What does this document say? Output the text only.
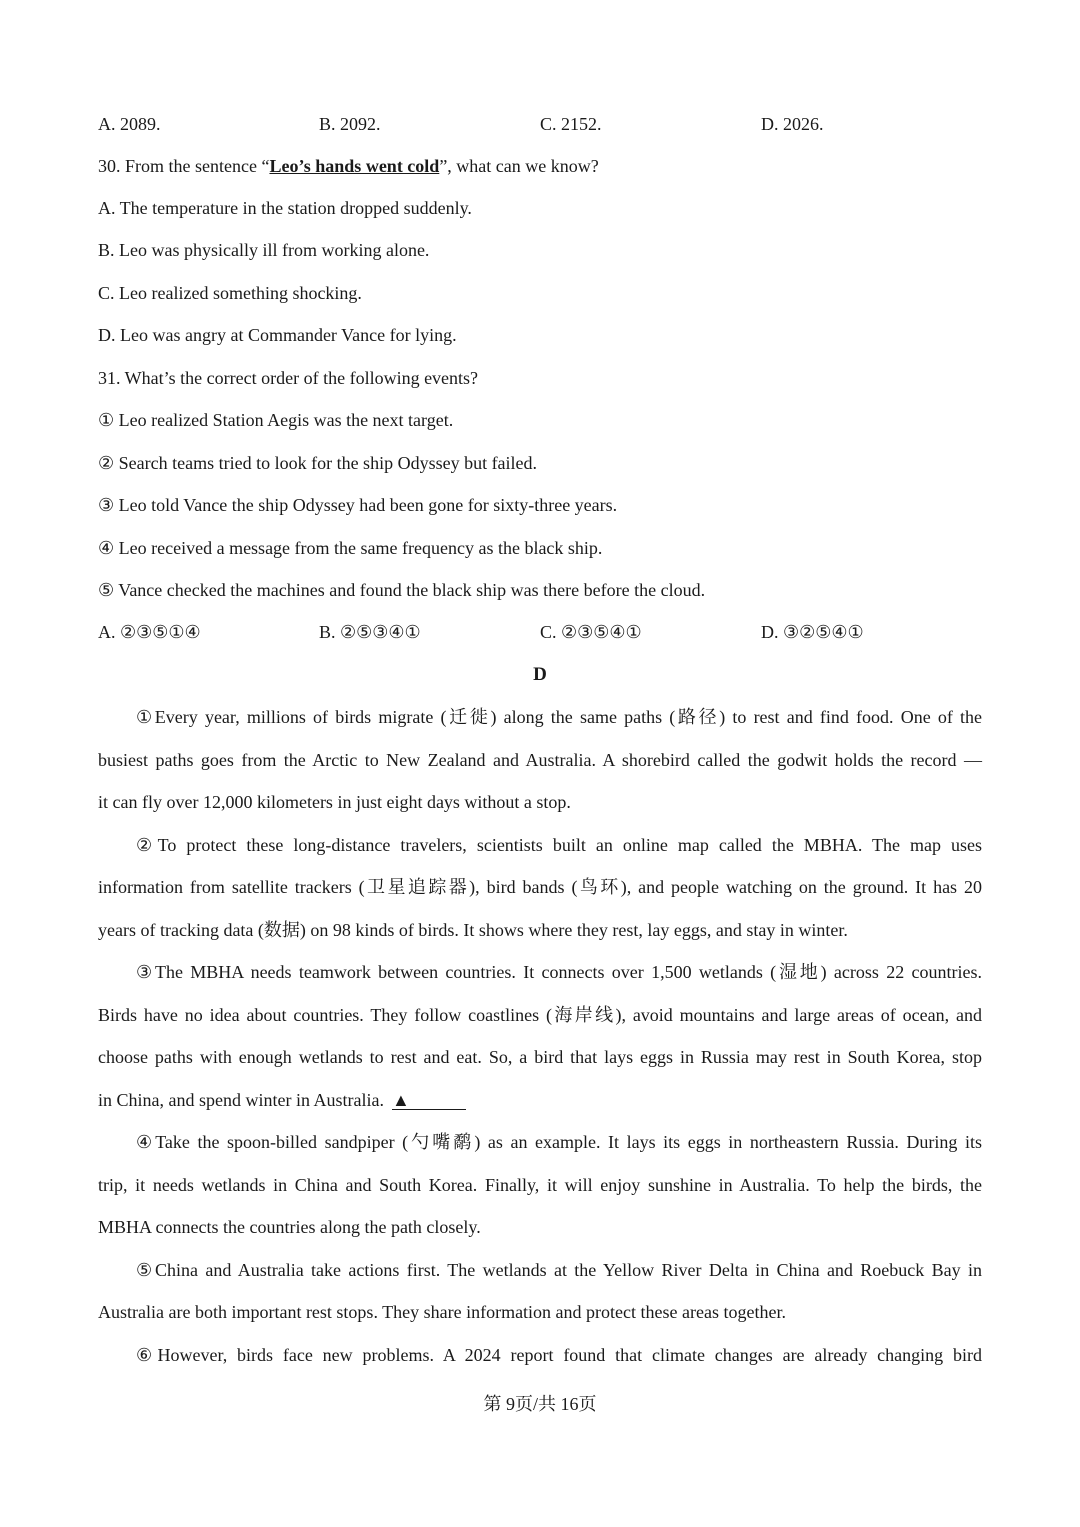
A. 2089.	B. 2092.	C. 2152.	D. 2026.
30. From the sentence “Leo’s hands went cold”, what can we know?
A. The temperature in the station dropped suddenly.
B. Leo was physically ill from working alone.
C. Leo realized something shocking.
D. Leo was angry at Commander Vance for lying.
31. What’s the correct order of the following events?
① Leo realized Station Aegis was the next target.
② Search teams tried to look for the ship Odyssey but failed.
③ Leo told Vance the ship Odyssey had been gone for sixty-three years.
④ Leo received a message from the same frequency as the black ship.
⑤ Vance checked the machines and found the black ship was there before the cloud.
A. ②③⑤①④	B. ②⑤③④①	C. ②③⑤④①	D. ③②⑤④①
D
①Every year, millions of birds migrate (迁徙) along the same paths (路径) to rest and find food. One of the
busiest paths goes from the Arctic to New Zealand and Australia. A shorebird called the godwit holds the record —
it can fly over 12,000 kilometers in just eight days without a stop.
②To protect these long-distance travelers, scientists built an online map called the MBHA. The map uses
information from satellite trackers (卫星追踪器), bird bands (鸟环), and people watching on the ground. It has 20
years of tracking data (数据) on 98 kinds of birds. It shows where they rest, lay eggs, and stay in winter.
③The MBHA needs teamwork between countries. It connects over 1,500 wetlands (湿地) across 22 countries.
Birds have no idea about countries. They follow coastlines (海岸线), avoid mountains and large areas of ocean, and
choose paths with enough wetlands to rest and eat. So, a bird that lays eggs in Russia may rest in South Korea, stop
in China, and spend winter in Australia. ▲
④Take the spoon-billed sandpiper (勺嘴鹬) as an example. It lays its eggs in northeastern Russia. During its
trip, it needs wetlands in China and South Korea. Finally, it will enjoy sunshine in Australia. To help the birds, the
MBHA connects the countries along the path closely.
⑤China and Australia take actions first. The wetlands at the Yellow River Delta in China and Roebuck Bay in
Australia are both important rest stops. They share information and protect these areas together.
⑥However, birds face new problems. A 2024 report found that climate changes are already changing bird
第 9页/共 16页
